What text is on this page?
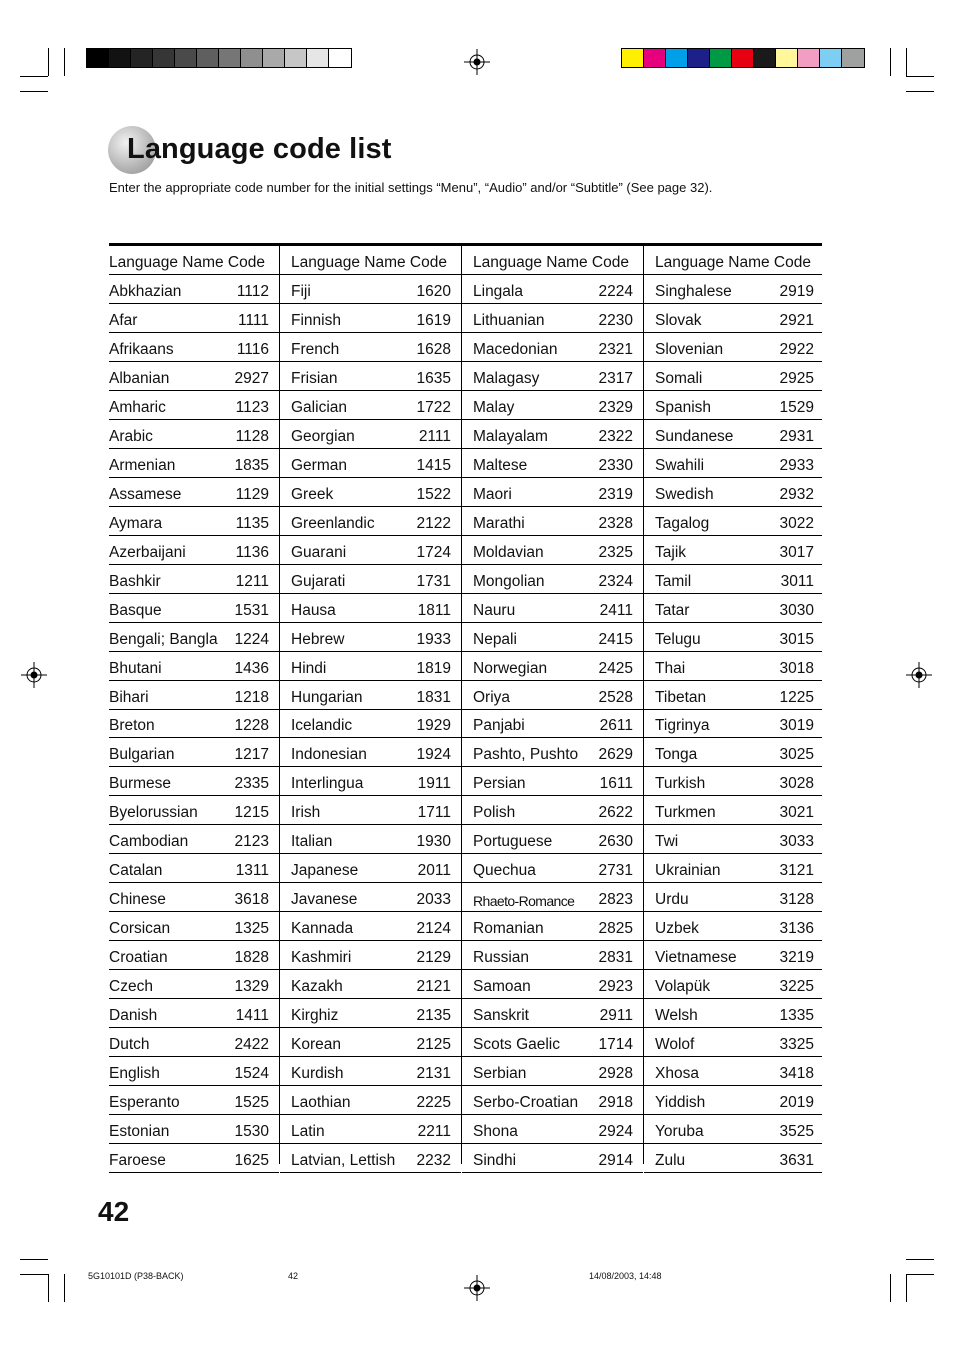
Language code list
Enter the appropriate code number for the initial settings “Menu”, “Audio” and/or “Subtitle” (See page 32).
Language Name Code
Abkhazian	1112
Afar	1111
Afrikaans	1116
Albanian	2927
Amharic	1123
Arabic	1128
Armenian	1835
Assamese	1129
Aymara	1135
Azerbaijani	1136
Bashkir	1211
Basque	1531
Bengali; Bangla 1224
Bhutani	1436
Bihari	1218
Breton	1228
Bulgarian	1217
Burmese	2335
Byelorussian 1215
Cambodian	2123
Catalan	1311
Chinese	3618
Corsican	1325
Croatian	1828
Czech	1329
Danish	1411
Dutch	2422
English	1524
Esperanto	1525
Estonian	1530
Faroese	1625
Language Name Code
Fiji	1620
Finnish	1619
French	1628
Frisian	1635
Galician	1722
Georgian	2111
German	1415
Greek	1522
Greenlandic	2122
Guarani	1724
Gujarati	1731
Hausa	1811
Hebrew	1933
Hindi	1819
Hungarian	1831
Icelandic	1929
Indonesian	1924
Interlingua	1911
Irish	1711
Italian	1930
Japanese	2011
Javanese	2033
Kannada	2124
Kashmiri	2129
Kazakh	2121
Kirghiz	2135
Korean	2125
Kurdish	2131
Laothian	2225
Latin	2211
Latvian, Lettish 2232
Language Name Code
Lingala	2224
Lithuanian	2230
Macedonian	2321
Malagasy	2317
Malay	2329
Malayalam	2322
Maltese	2330
Maori	2319
Marathi	2328
Moldavian	2325
Mongolian	2324
Nauru	2411
Nepali	2415
Norwegian	2425
Oriya	2528
Panjabi	2611
Pashto, Pushto 2629
Persian	1611
Polish	2622
Portuguese	2630
Quechua	2731
Rhaeto-Romance 2823
Romanian	2825
Russian	2831
Samoan	2923
Sanskrit	2911
Scots Gaelic 1714
Serbian	2928
Serbo-Croatian 2918
Shona	2924
Sindhi	2914
Language Name Code
Singhalese	2919
Slovak	2921
Slovenian	2922
Somali	2925
Spanish	1529
Sundanese	2931
Swahili	2933
Swedish	2932
Tagalog	3022
Tajik	3017
Tamil	3011
Tatar	3030
Telugu	3015
Thai	3018
Tibetan	1225
Tigrinya	3019
Tonga	3025
Turkish	3028
Turkmen	3021
Twi	3033
Ukrainian	3121
Urdu	3128
Uzbek	3136
Vietnamese	3219
Volapük	3225
Welsh	1335
Wolof	3325
Xhosa	3418
Yiddish	2019
Yoruba	3525
Zulu	3631
42
5G10101D (P38-BACK)	42	14/08/2003, 14:48
